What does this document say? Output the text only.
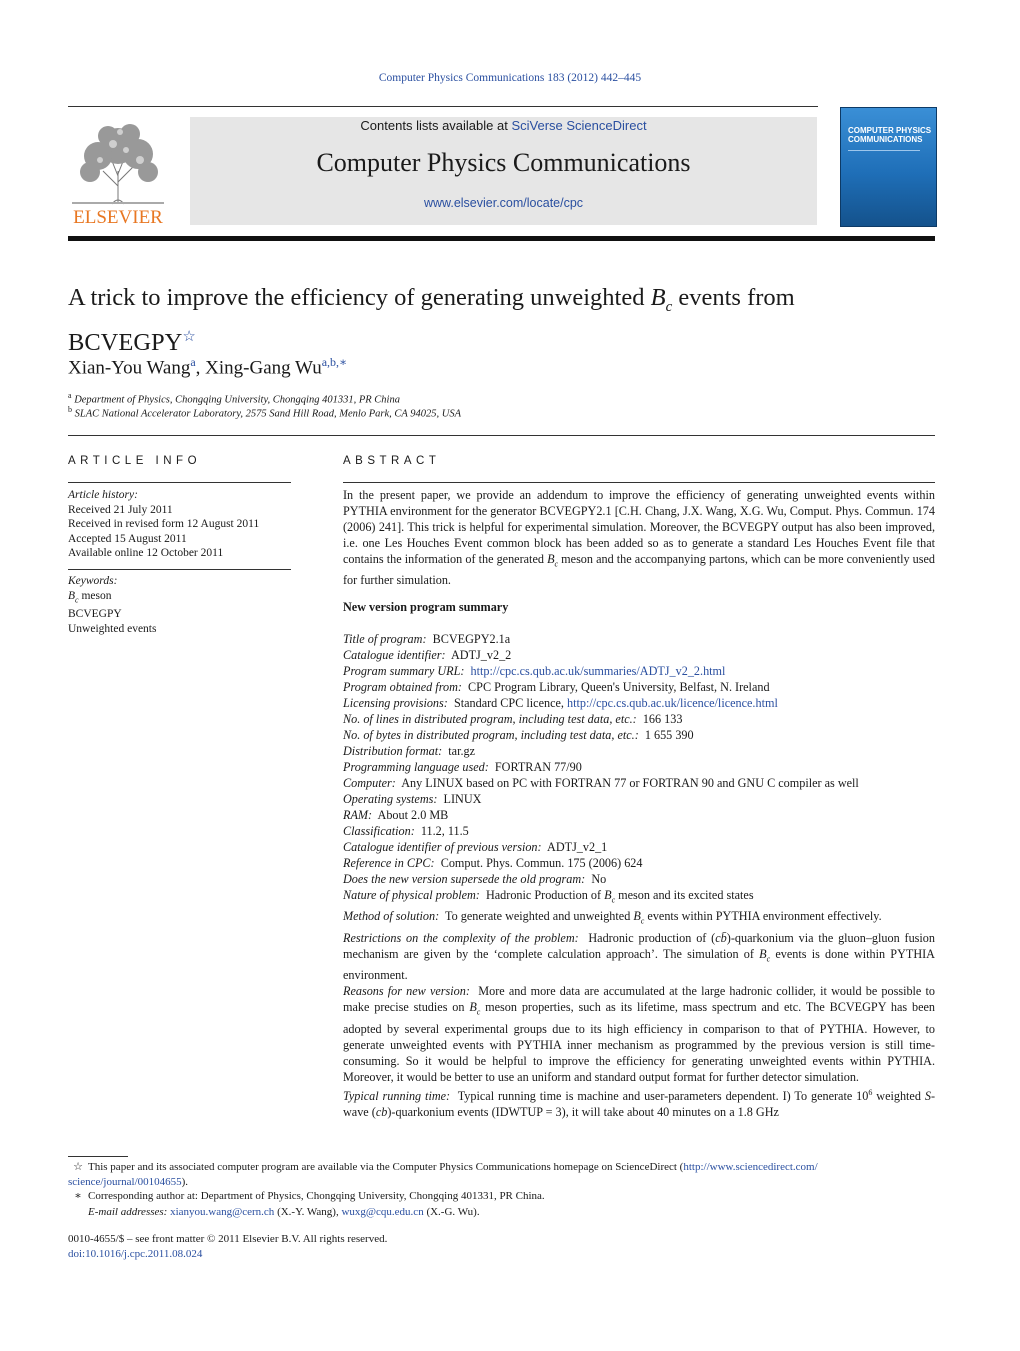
Computer Physics Communications 183 (2012) 442–445
ELSEVIER
Contents lists available at SciVerse ScienceDirect
Computer Physics Communications
www.elsevier.com/locate/cpc
COMPUTER PHYSICS
COMMUNICATIONS
A trick to improve the efficiency of generating unweighted $B_c$ events from
BCVEGPY☆
Xian-You Wang$^a$, Xing-Gang $Wu^{a,b,∗}$
$^a$ Department of Physics, Chongqing University, Chongqing 401331, PR China
$^b$ SLAC National Accelerator Laboratory, 2575 Sand Hill Road, Menlo Park, CA 94025, USA
ARTICLE INFO
Article history:
Received 21 July 2011
Received in revised form 12 August 2011
Accepted 15 August 2011
Available online 12 October 2011
Keywords:
$B_c$ meson
BCVEGPY
Unweighted events
ABSTRACT

In the present paper, we provide an addendum to improve the efficiency of generating unweighted events within PYTHIA environment for the generator BCVEGPY2.1 [C.H. Chang, J.X. Wang, X.G. Wu, Comput. Phys. Commun. 174 (2006) 241]. This trick is helpful for experimental simulation. Moreover, the BCVEGPY output has also been improved, i.e. one Les Houches Event common block has been added so as to generate a standard Les Houches Event file that contains the information of the generated $B_c$ meson and the accompanying partons, which can be more conveniently used for further simulation.

New version program summary

Title of program: BCVEGPY2.1a

Catalogue identifier: ADTJ_v2_2

Program summary URL: http://cpc.cs.qub.ac.uk/summaries/ADTJ_v2_2.html

Program obtained from: CPC Program Library, Queen's University, Belfast, N. Ireland

Licensing provisions: Standard CPC licence, http://cpc.cs.qub.ac.uk/licence/licence.html

No. of lines in distributed program, including test data, etc.: 166 133

No. of bytes in distributed program, including test data, etc.: 1 655 390

Distribution format: tar.gz

Programming language used: FORTRAN 77/90

Computer: Any LINUX based on PC with FORTRAN 77 or FORTRAN 90 and GNU C compiler as well

Operating systems: LINUX

RAM: About 2.0 MB

Classification: 11.2, 11.5

Catalogue identifier of previous version: ADTJ_v2_1

Reference in CPC: Comput. Phys. Commun. 175 (2006) 624

Does the new version supersede the old program: No

Nature of physical problem: Hadronic Production of $B_c$ meson and its excited states

Method of solution: To generate weighted and unweighted $B_c$ events within PYTHIA environment effectively.

Restrictions on the complexity of the problem: Hadronic production of (cb̄)-quarkonium via the gluon–gluon fusion mechanism are given by the ‘complete calculation approach’. The simulation of $B_c$ events is done within PYTHIA environment.

Reasons for new version: More and more data are accumulated at the large hadronic collider, it would be possible to make precise studies on $B_c$ meson properties, such as its lifetime, mass spectrum and etc. The BCVEGPY has been adopted by several experimental groups due to its high efficiency in comparison to that of PYTHIA. However, to generate unweighted events with PYTHIA inner mechanism as programmed by the previous version is still time-consuming. So it would be helpful to improve the efficiency for generating unweighted events within PYTHIA. Moreover, it would be better to use an uniform and standard output format for further detector simulation.

Typical running time: Typical running time is machine and user-parameters dependent. I) To generate $10^6$ weighted S-wave (cb)-quarkonium events (IDWTUP = 3), it will take about 40 minutes on a 1.8 GHz

☆ This paper and its associated computer program are available via the Computer Physics Communications homepage on ScienceDirect (http://www.sciencedirect.com/
science/journal/00104655).
∗ Corresponding author at: Department of Physics, Chongqing University, Chongqing 401331, PR China.
E-mail addresses: xianyou.wang@cern.ch (X.-Y. Wang), wuxg@cqu.edu.cn (X.-G. Wu).
0010-4655/$ – see front matter © 2011 Elsevier B.V. All rights reserved.
doi:10.1016/j.cpc.2011.08.024
